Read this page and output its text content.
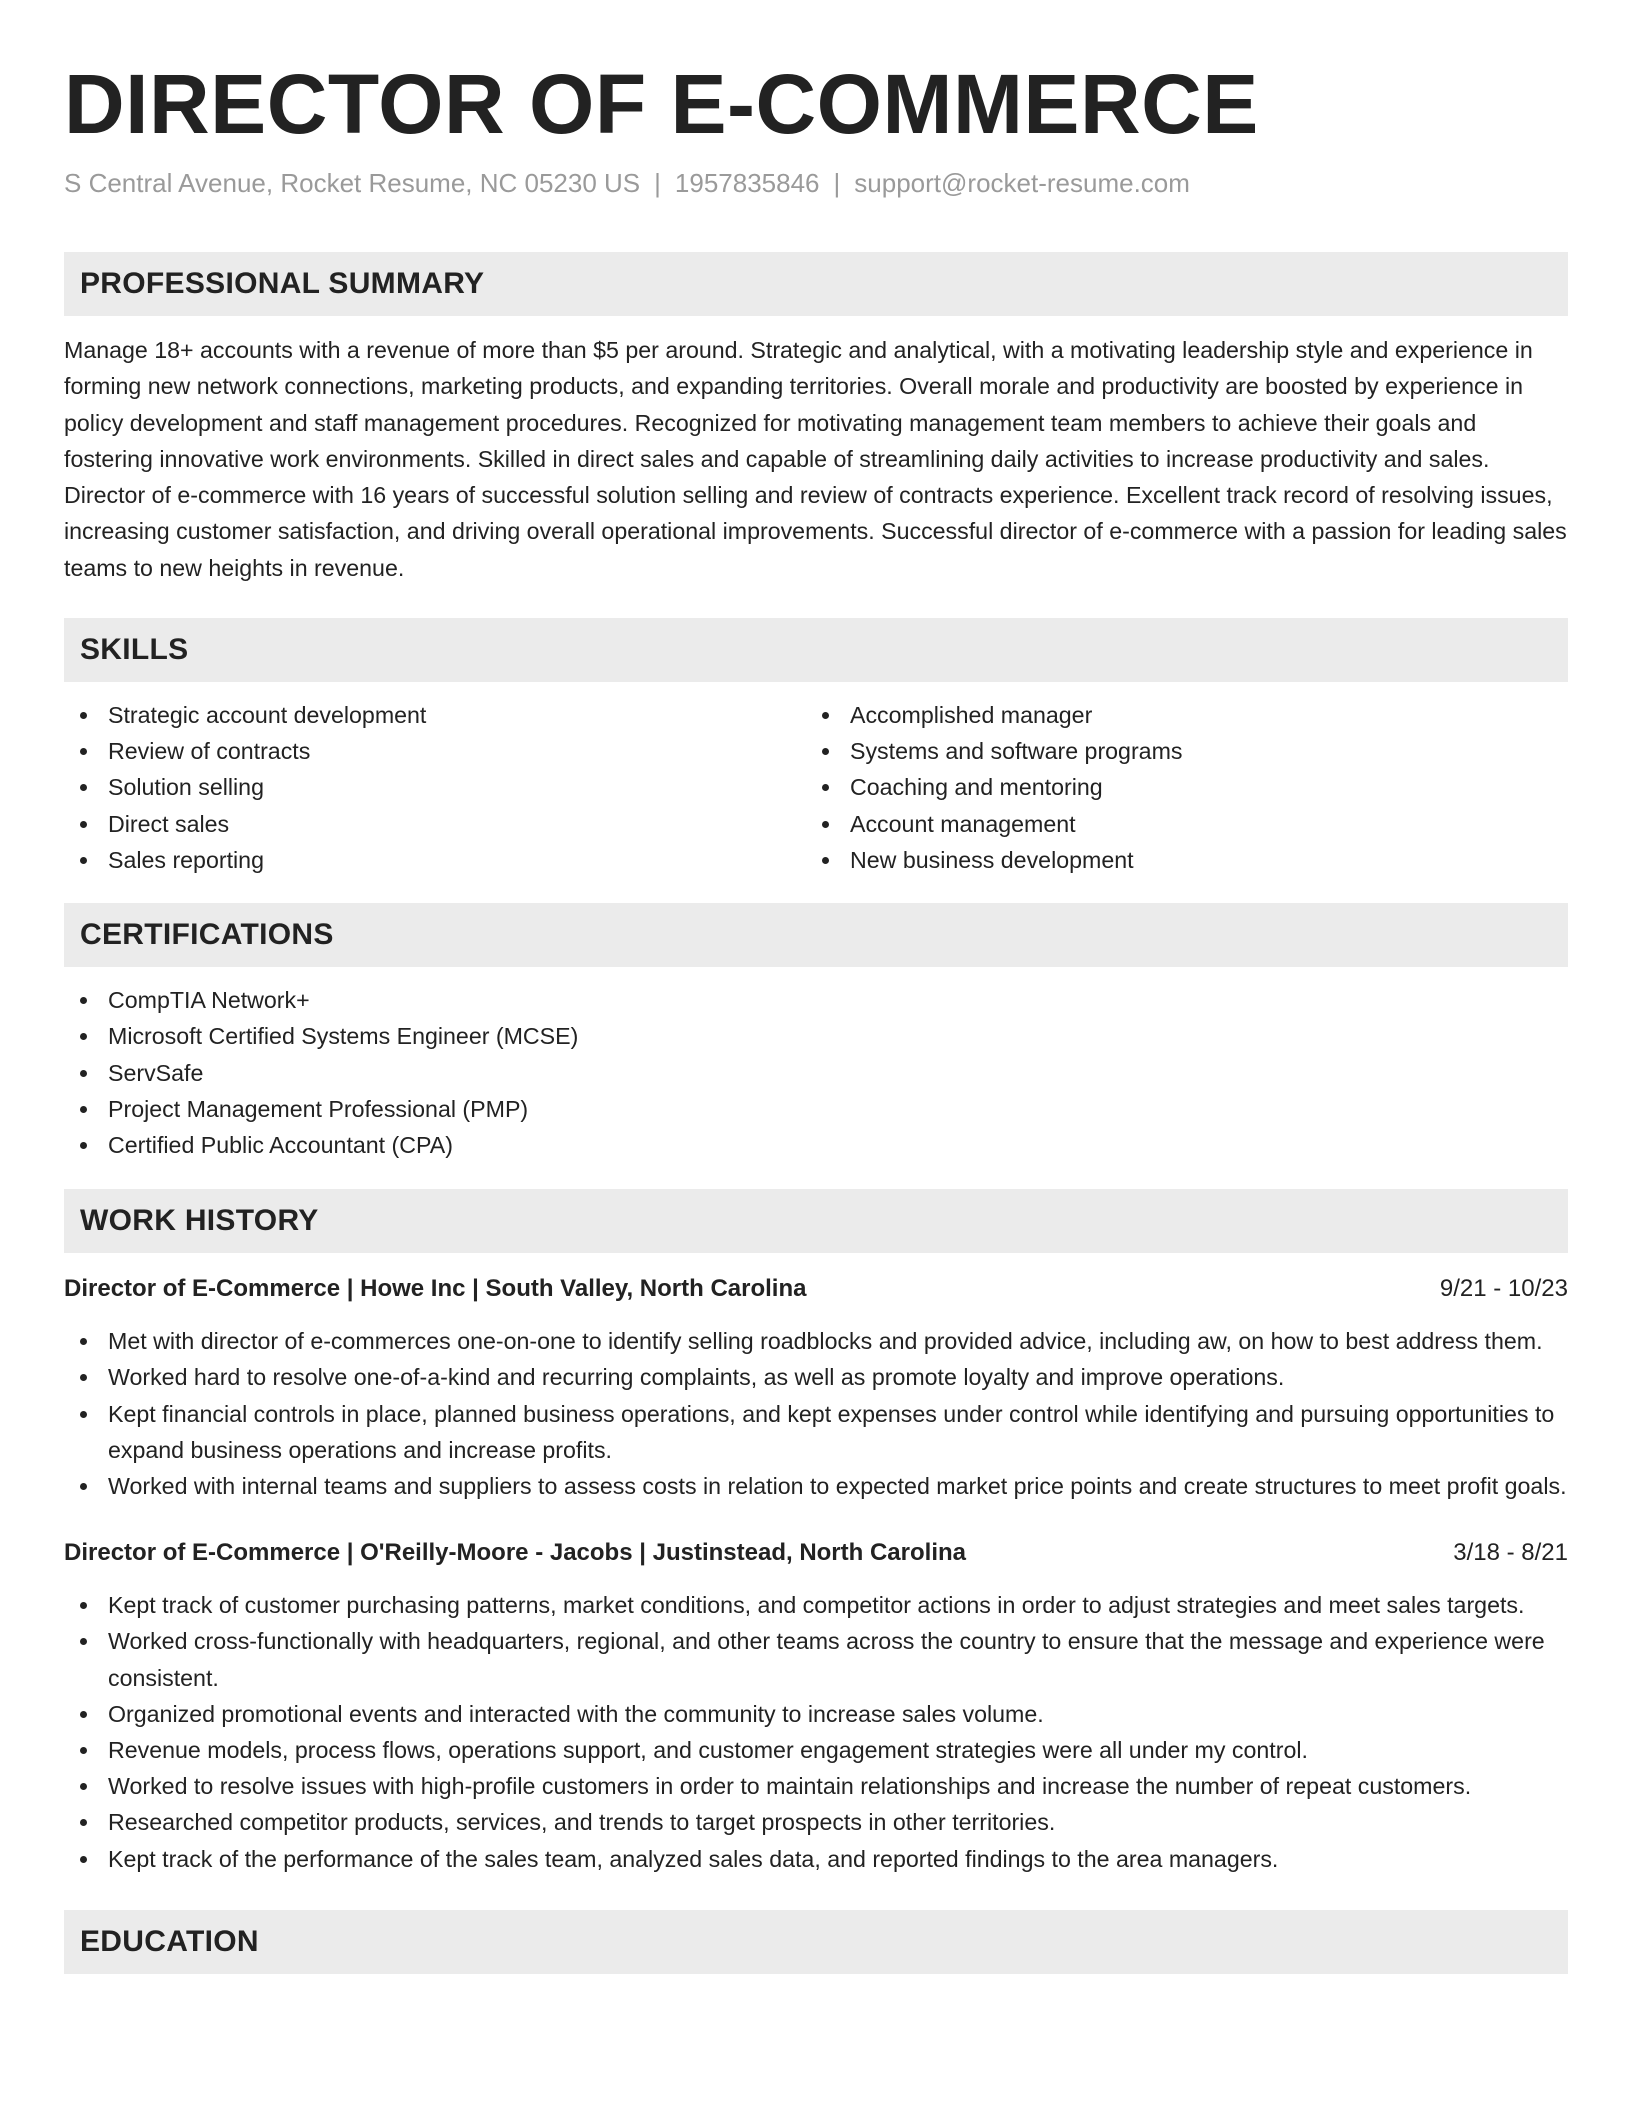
DIRECTOR OF E-COMMERCE
S Central Avenue, Rocket Resume, NC 05230 US | 1957835846 | support@rocket-resume.com
PROFESSIONAL SUMMARY

Manage 18+ accounts with a revenue of more than $5 per around. Strategic and analytical, with a motivating leadership style and experience in forming new network connections, marketing products, and expanding territories. Overall morale and productivity are boosted by experience in policy development and staff management procedures. Recognized for motivating management team members to achieve their goals and fostering innovative work environments. Skilled in direct sales and capable of streamlining daily activities to increase productivity and sales. Director of e-commerce with 16 years of successful solution selling and review of contracts experience. Excellent track record of resolving issues, increasing customer satisfaction, and driving overall operational improvements. Successful director of e-commerce with a passion for leading sales teams to new heights in revenue.

SKILLS
Strategic account development
Review of contracts
Solution selling
Direct sales
Sales reporting
Accomplished manager
Systems and software programs
Coaching and mentoring
Account management
New business development
CERTIFICATIONS
CompTIA Network+
Microsoft Certified Systems Engineer (MCSE)
ServSafe
Project Management Professional (PMP)
Certified Public Accountant (CPA)
WORK HISTORY
Director of E-Commerce | Howe Inc | South Valley, North Carolina	9/21 - 10/23
Met with director of e-commerces one-on-one to identify selling roadblocks and provided advice, including aw, on how to best address them.
Worked hard to resolve one-of-a-kind and recurring complaints, as well as promote loyalty and improve operations.
Kept financial controls in place, planned business operations, and kept expenses under control while identifying and pursuing opportunities to expand business operations and increase profits.
Worked with internal teams and suppliers to assess costs in relation to expected market price points and create structures to meet profit goals.
Director of E-Commerce | O'Reilly-Moore - Jacobs | Justinstead, North Carolina	3/18 - 8/21
Kept track of customer purchasing patterns, market conditions, and competitor actions in order to adjust strategies and meet sales targets.
Worked cross-functionally with headquarters, regional, and other teams across the country to ensure that the message and experience were consistent.
Organized promotional events and interacted with the community to increase sales volume.
Revenue models, process flows, operations support, and customer engagement strategies were all under my control.
Worked to resolve issues with high-profile customers in order to maintain relationships and increase the number of repeat customers.
Researched competitor products, services, and trends to target prospects in other territories.
Kept track of the performance of the sales team, analyzed sales data, and reported findings to the area managers.
EDUCATION
